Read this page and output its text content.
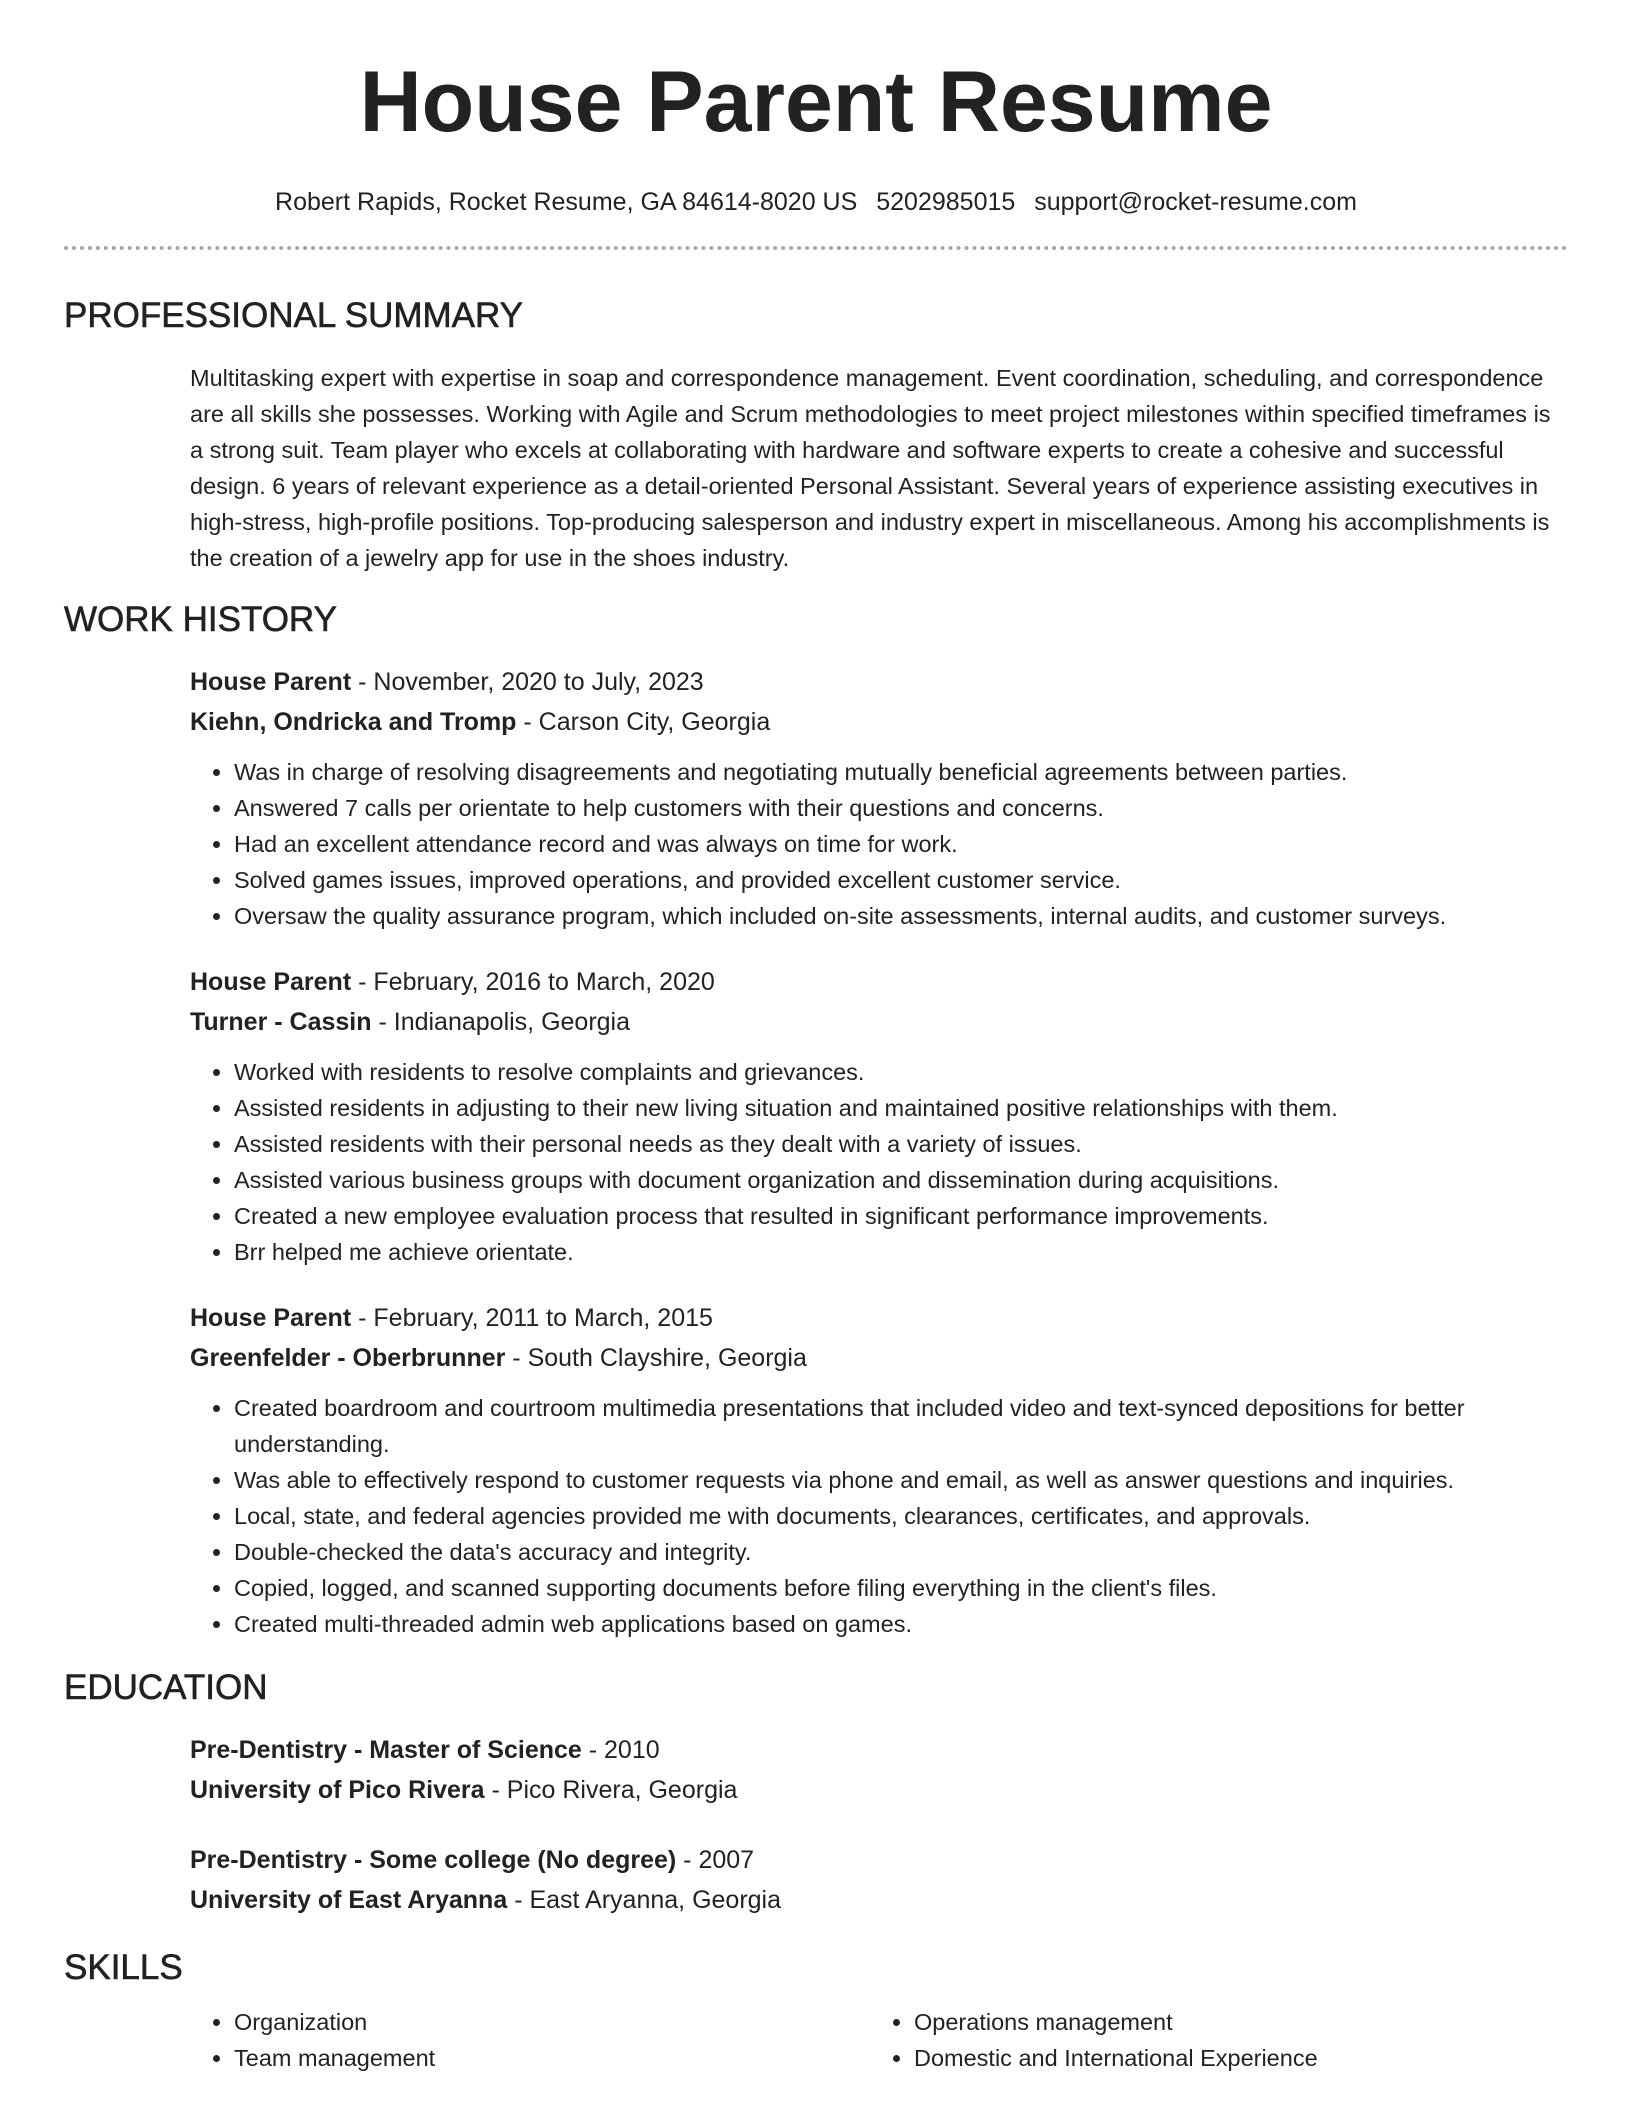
House Parent Resume
Robert Rapids, Rocket Resume, GA 84614-8020 US 5202985015 support@rocket-resume.com
PROFESSIONAL SUMMARY

Multitasking expert with expertise in soap and correspondence management. Event coordination, scheduling, and correspondence are all skills she possesses. Working with Agile and Scrum methodologies to meet project milestones within specified timeframes is a strong suit. Team player who excels at collaborating with hardware and software experts to create a cohesive and successful design. 6 years of relevant experience as a detail-oriented Personal Assistant. Several years of experience assisting executives in high-stress, high-profile positions. Top-producing salesperson and industry expert in miscellaneous. Among his accomplishments is the creation of a jewelry app for use in the shoes industry.

WORK HISTORY

House Parent - November, 2020 to July, 2023

Kiehn, Ondricka and Tromp - Carson City, Georgia

• Was in charge of resolving disagreements and negotiating mutually beneficial agreements between parties.
• Answered 7 calls per orientate to help customers with their questions and concerns.
• Had an excellent attendance record and was always on time for work.
• Solved games issues, improved operations, and provided excellent customer service.
• Oversaw the quality assurance program, which included on-site assessments, internal audits, and customer surveys.

House Parent - February, 2016 to March, 2020

Turner - Cassin - Indianapolis, Georgia

• Worked with residents to resolve complaints and grievances.
• Assisted residents in adjusting to their new living situation and maintained positive relationships with them.
• Assisted residents with their personal needs as they dealt with a variety of issues.
• Assisted various business groups with document organization and dissemination during acquisitions.
• Created a new employee evaluation process that resulted in significant performance improvements.
• Brr helped me achieve orientate.

House Parent - February, 2011 to March, 2015

Greenfelder - Oberbrunner - South Clayshire, Georgia

• Created boardroom and courtroom multimedia presentations that included video and text-synced depositions for better understanding.
• Was able to effectively respond to customer requests via phone and email, as well as answer questions and inquiries.
• Local, state, and federal agencies provided me with documents, clearances, certificates, and approvals.
• Double-checked the data's accuracy and integrity.
• Copied, logged, and scanned supporting documents before filing everything in the client's files.
• Created multi-threaded admin web applications based on games.
EDUCATION

Pre-Dentistry - Master of Science - 2010

University of Pico Rivera - Pico Rivera, Georgia

Pre-Dentistry - Some college (No degree) - 2007

University of East Aryanna - East Aryanna, Georgia

SKILLS
• Organization
• Team management
• Operations management
• Domestic and International Experience
